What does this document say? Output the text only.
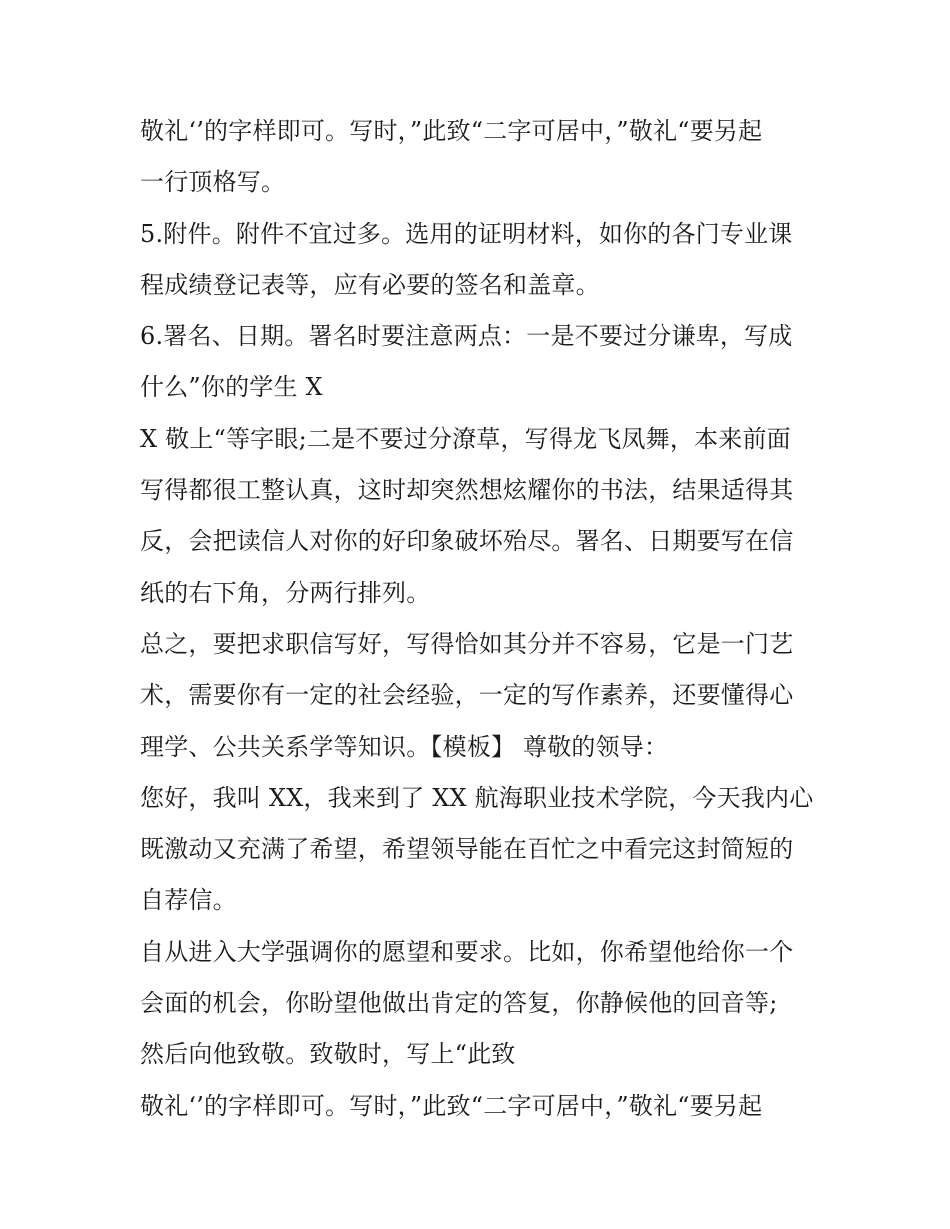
敬礼‘’的字样即可。写时，”此致“二字可居中，”敬礼“要另起
一行顶格写。
5.附件。附件不宜过多。选用的证明材料，如你的各门专业课
程成绩登记表等，应有必要的签名和盖章。
6.署名、日期。署名时要注意两点：一是不要过分谦卑，写成
什么”你的学生 X
X 敬上“等字眼;二是不要过分潦草，写得龙飞凤舞，本来前面
写得都很工整认真，这时却突然想炫耀你的书法，结果适得其
反，会把读信人对你的好印象破坏殆尽。署名、日期要写在信
纸的右下角，分两行排列。
总之，要把求职信写好，写得恰如其分并不容易，它是一门艺
术，需要你有一定的社会经验，一定的写作素养，还要懂得心
理学、公共关系学等知识。【模板】 尊敬的领导：
您好，我叫 XX，我来到了 XX 航海职业技术学院，今天我内心
既激动又充满了希望，希望领导能在百忙之中看完这封简短的
自荐信。
自从进入大学强调你的愿望和要求。比如，你希望他给你一个
会面的机会，你盼望他做出肯定的答复，你静候他的回音等;
然后向他致敬。致敬时，写上“此致
敬礼‘’的字样即可。写时，”此致“二字可居中，”敬礼“要另起
